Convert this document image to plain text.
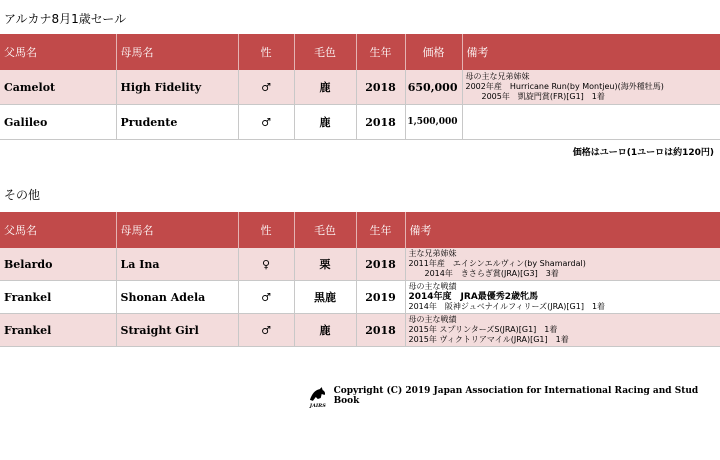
アルカナ8月1歳セール
父馬名	母馬名	性	毛色	生年	価格	備考
Camelot	High Fidelity	♂	鹿	2018	650,000	母の主な兄弟姉妹
2002年産　Hurricane Run(by Montjeu)(海外種牡馬)
　　2005年　凱旋門賞(FR)[G1]　1着

Galileo	Prudente	♂	鹿	2018	1,500,000	
価格はユーロ(1ユーロは約120円)
その他
父馬名	母馬名	性	毛色	生年	備考
Belardo	La Ina	♀	栗	2018	主な兄弟姉妹
2011年産　エイシンエルヴィン(by Shamardal)
　　2014年　きさらぎ賞(JRA)[G3]　3着

Frankel	Shonan Adela	♂	黒鹿	2019	母の主な戦績
2014年度　JRA最優秀2歳牝馬
2014年　阪神ジュベナイルフィリーズ(JRA)[G1]　1着

Frankel	Straight Girl	♂	鹿	2018	母の主な戦績
2015年 スプリンターズS(JRA)[G1]　1着
2015年 ヴィクトリアマイル(JRA)[G1]　1着
JAIRS
Copyright (C) 2019 Japan Association for International Racing and Stud Book
